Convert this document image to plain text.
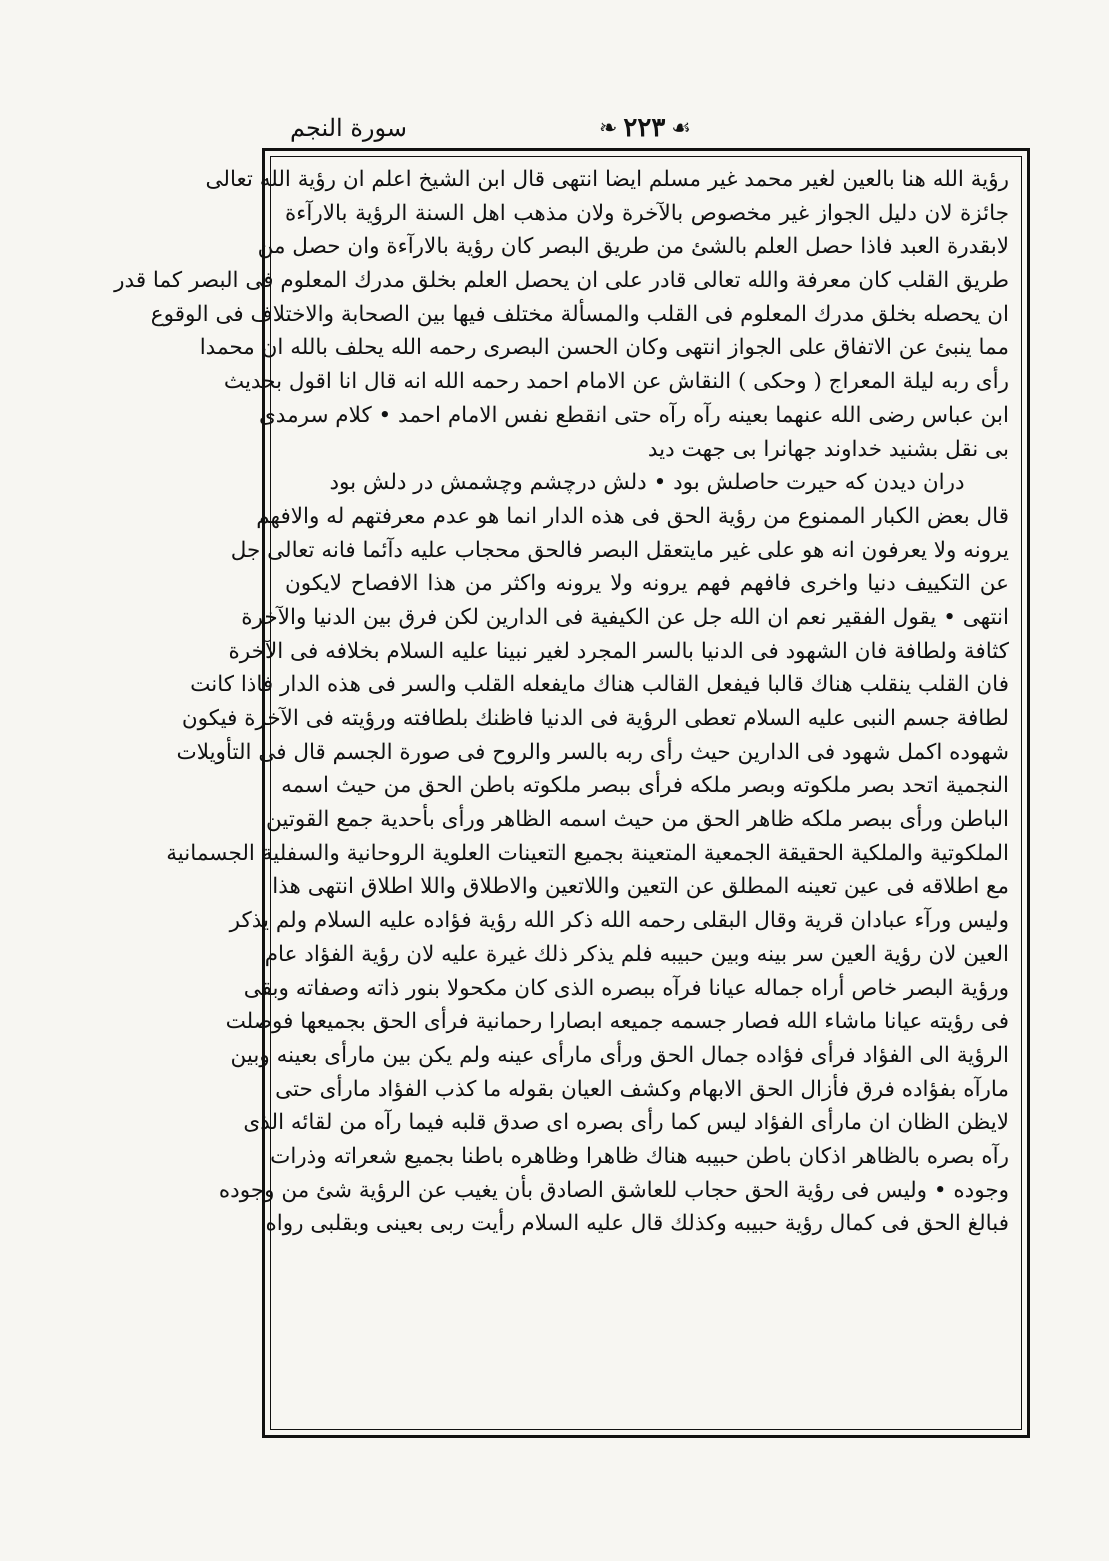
سورة النجم	❧ ٢٢٣ ☙
رؤية الله هنا بالعين لغير محمد غير مسلم ايضا انتهى قال ابن الشيخ اعلم ان رؤية الله تعالى
جائزة لان دليل الجواز غير مخصوص بالآخرة ولان مذهب اهل السنة الرؤية بالارآءة
لابقدرة العبد فاذا حصل العلم بالشئ من طريق البصر كان رؤية بالارآءة وان حصل من
طريق القلب كان معرفة والله تعالى قادر على ان يحصل العلم بخلق مدرك المعلوم فى البصر كما قدر
ان يحصله بخلق مدرك المعلوم فى القلب والمسألة مختلف فيها بين الصحابة والاختلاف فى الوقوع
مما ينبئ عن الاتفاق على الجواز انتهى وكان الحسن البصرى رحمه الله يحلف بالله ان محمدا
رأى ربه ليلة المعراج ( وحكى ) النقاش عن الامام احمد رحمه الله انه قال انا اقول بحديث
ابن عباس رضى الله عنهما بعينه رآه رآه حتى انقطع نفس الامام احمد • كلام سرمدى
بى نقل بشنيد خداوند جهانرا بى جهت ديد
دران ديدن كه حيرت حاصلش بود • دلش درچشم وچشمش در دلش بود
قال بعض الكبار الممنوع من رؤية الحق فى هذه الدار انما هو عدم معرفتهم له والافهم
يرونه ولا يعرفون انه هو على غير مايتعقل البصر فالحق محجاب عليه دآئما فانه تعالى جل
عن التكييف دنيا واخرى فافهم فهم يرونه ولا يرونه واكثر من هذا الافصاح لايكون
انتهى • يقول الفقير نعم ان الله جل عن الكيفية فى الدارين لكن فرق بين الدنيا والآخرة
كثافة ولطافة فان الشهود فى الدنيا بالسر المجرد لغير نبينا عليه السلام بخلافه فى الآخرة
فان القلب ينقلب هناك قالبا فيفعل القالب هناك مايفعله القلب والسر فى هذه الدار فاذا كانت
لطافة جسم النبى عليه السلام تعطى الرؤية فى الدنيا فاظنك بلطافته ورؤيته فى الآخرة فيكون
شهوده اكمل شهود فى الدارين حيث رأى ربه بالسر والروح فى صورة الجسم قال فى التأويلات
النجمية اتحد بصر ملكوته وبصر ملكه فرأى ببصر ملكوته باطن الحق من حيث اسمه
الباطن ورأى ببصر ملكه ظاهر الحق من حيث اسمه الظاهر ورأى بأحدية جمع القوتين
الملكوتية والملكية الحقيقة الجمعية المتعينة بجميع التعينات العلوية الروحانية والسفلية الجسمانية
مع اطلاقه فى عين تعينه المطلق عن التعين واللاتعين والاطلاق واللا اطلاق انتهى هذا
وليس ورآء عبادان قرية وقال البقلى رحمه الله ذكر الله رؤية فؤاده عليه السلام ولم يذكر
العين لان رؤية العين سر بينه وبين حبيبه فلم يذكر ذلك غيرة عليه لان رؤية الفؤاد عام
ورؤية البصر خاص أراه جماله عيانا فرآه ببصره الذى كان مكحولا بنور ذاته وصفاته وبقى
فى رؤيته عيانا ماشاء الله فصار جسمه جميعه ابصارا رحمانية فرأى الحق بجميعها فوصلت
الرؤية الى الفؤاد فرأى فؤاده جمال الحق ورأى مارأى عينه ولم يكن بين مارأى بعينه وبين
مارآه بفؤاده فرق فأزال الحق الابهام وكشف العيان بقوله ما كذب الفؤاد مارأى حتى
لايظن الظان ان مارأى الفؤاد ليس كما رأى بصره اى صدق قلبه فيما رآه من لقائه الذى
رآه بصره بالظاهر اذكان باطن حبيبه هناك ظاهرا وظاهره باطنا بجميع شعراته وذرات
وجوده • وليس فى رؤية الحق حجاب للعاشق الصادق بأن يغيب عن الرؤية شئ من وجوده
فبالغ الحق فى كمال رؤية حبيبه وكذلك قال عليه السلام رأيت ربى بعينى وبقلبى رواه
